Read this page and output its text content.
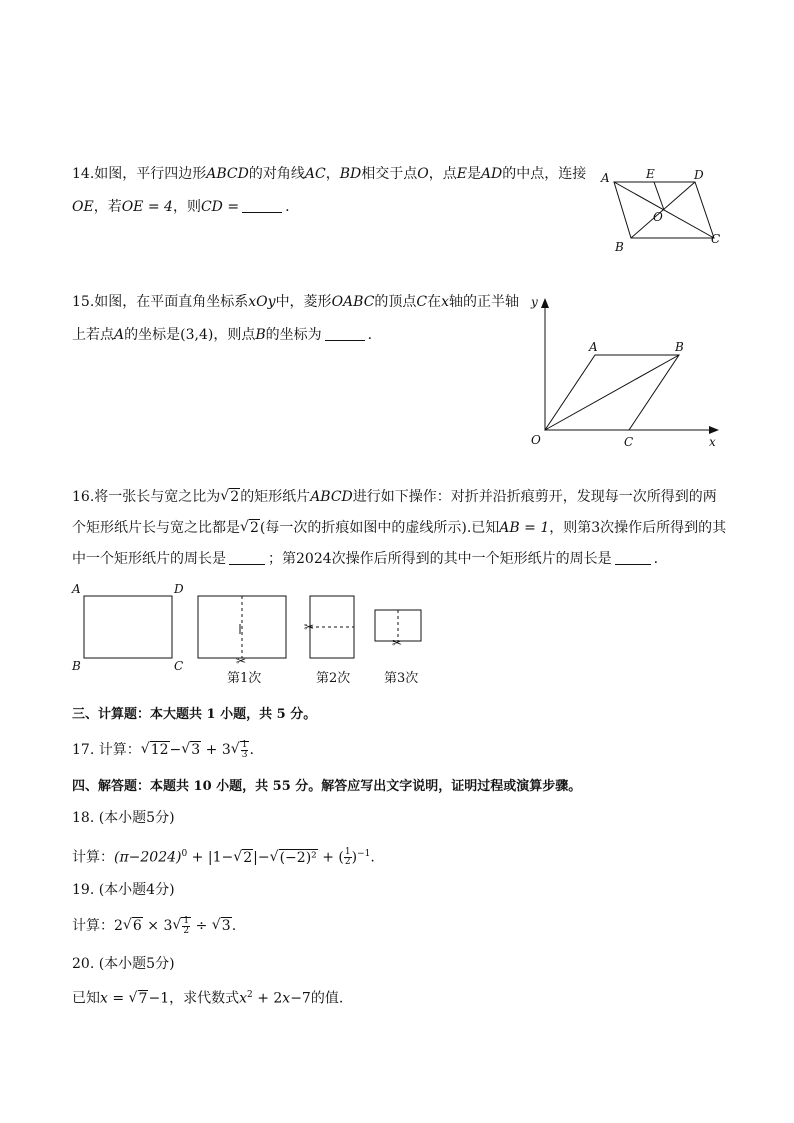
14.如图，平行四边形ABCD的对角线AC，BD相交于点O，点E是AD的中点，连接
OE，若OE = 4，则CD =	.
A	E	D
O
B
C
15.如图，在平面直角坐标系xOy中，菱形OABC的顶点C在x轴的正半轴
上若点A的坐标是(3,4)，则点B的坐标为	.
y
x
O
A	B
C
16.将一张长与宽之比为√ 2的矩形纸片ABCD进行如下操作：对折并沿折痕剪开，发现每一次所得到的两
个矩形纸片长与宽之比都是√ 2(每一次的折痕如图中的虚线所示).已知AB = 1，则第3次操作后所得到的其
中一个矩形纸片的周长是	；第2024次操作后所得到的其中一个矩形纸片的周长是	.
A	D
B	C	✂
第1次
✂
第2次
✂
第3次
三、计算题：本大题共 1 小题，共 5 分。
17. 计算：√ 12−√ 3 + 3
√ $\frac{1}{3}$ .
四、解答题：本题共 10 小题，共 55 分。解答应写出文字说明，证明过程或演算步骤。
18. (本小题5分)
计算：$(\pi-2024)^0 + |1-√$ 2|−√ (−2)² + ( $\frac{1}{2} )^{-1}$.
19. (本小题4分)
计算：2√ 6 × 3
√ $\frac{1}{2}$ ÷ √ 3.
20. (本小题5分)
已知x = √ 7−1，求代数式$x^2 + 2x-7$的值.
